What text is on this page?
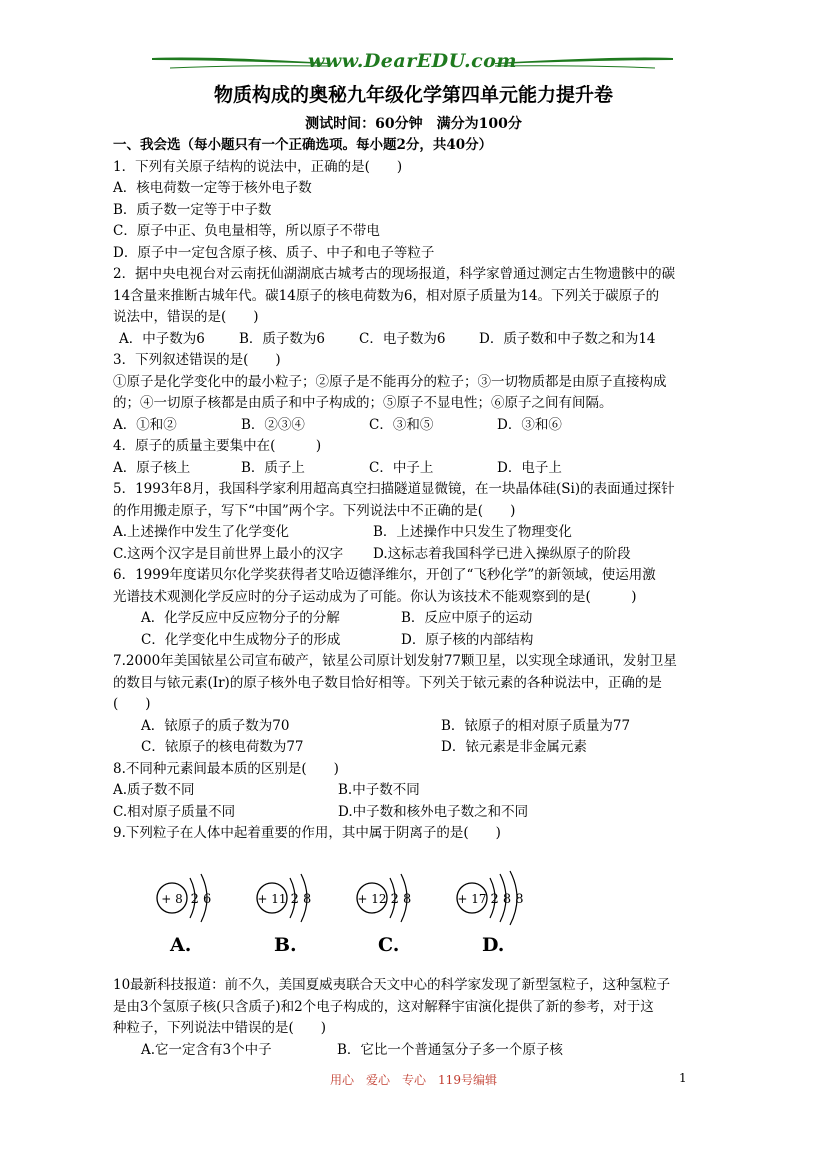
www.DearEDU.com
物质构成的奥秘九年级化学第四单元能力提升卷
测试时间：60分钟　满分为100分
一、我会选（每小题只有一个正确选项。每小题2分，共40分）
1．下列有关原子结构的说法中，正确的是(　　)
A．核电荷数一定等于核外电子数
B．质子数一定等于中子数
C．原子中正、负电量相等，所以原子不带电
D．原子中一定包含原子核、质子、中子和电子等粒子
2．据中央电视台对云南抚仙湖湖底古城考古的现场报道，科学家曾通过测定古生物遗骸中的碳
14含量来推断古城年代。碳14原子的核电荷数为6，相对原子质量为14。下列关于碳原子的
说法中，错误的是(　　)
A．中子数为6	B．质子数为6	C．电子数为6	D．质子数和中子数之和为14
3．下列叙述错误的是(　　)
①原子是化学变化中的最小粒子；②原子是不能再分的粒子；③一切物质都是由原子直接构成
的；④一切原子核都是由质子和中子构成的；⑤原子不显电性；⑥原子之间有间隔。
A．①和②	B．②③④	C．③和⑤	D．③和⑥
4．原子的质量主要集中在(　　　)
A．原子核上	B．质子上	C．中子上	D．电子上
5．1993年8月，我国科学家利用超高真空扫描隧道显微镜，在一块晶体硅(Si)的表面通过探针
的作用搬走原子，写下“中国”两个字。下列说法中不正确的是(　　)
A.上述操作中发生了化学变化	B．上述操作中只发生了物理变化
C.这两个汉字是目前世界上最小的汉字	D.这标志着我国科学已进入操纵原子的阶段
6．1999年度诺贝尔化学奖获得者艾哈迈德泽维尔，开创了“飞秒化学”的新领域，使运用激
光谱技术观测化学反应时的分子运动成为了可能。你认为该技术不能观察到的是(　　　)
A．化学反应中反应物分子的分解	B．反应中原子的运动
C．化学变化中生成物分子的形成	D．原子核的内部结构
7.2000年美国铱星公司宣布破产，铱星公司原计划发射77颗卫星，以实现全球通讯，发射卫星
的数目与铱元素(Ir)的原子核外电子数目恰好相等。下列关于铱元素的各种说法中，正确的是
(　　)
A．铱原子的质子数为70	B．铱原子的相对原子质量为77
C．铱原子的核电荷数为77	D．铱元素是非金属元素
8.不同种元素间最本质的区别是(　　)
A.质子数不同	B.中子数不同
C.相对原子质量不同	D.中子数和核外电子数之和不同
9.下列粒子在人体中起着重要的作用，其中属于阴离子的是(　　)
+ 8 2 6	+ 11 2 8	+ 12 2 8	+ 17 2 8 8
A.	B.	C.	D.
10最新科技报道：前不久，美国夏威夷联合天文中心的科学家发现了新型氢粒子，这种氢粒子
是由3个氢原子核(只含质子)和2个电子构成的，这对解释宇宙演化提供了新的参考，对于这
种粒子，下列说法中错误的是(　　)
A.它一定含有3个中子	B．它比一个普通氢分子多一个原子核
用心　爱心　专心　119号编辑	1
